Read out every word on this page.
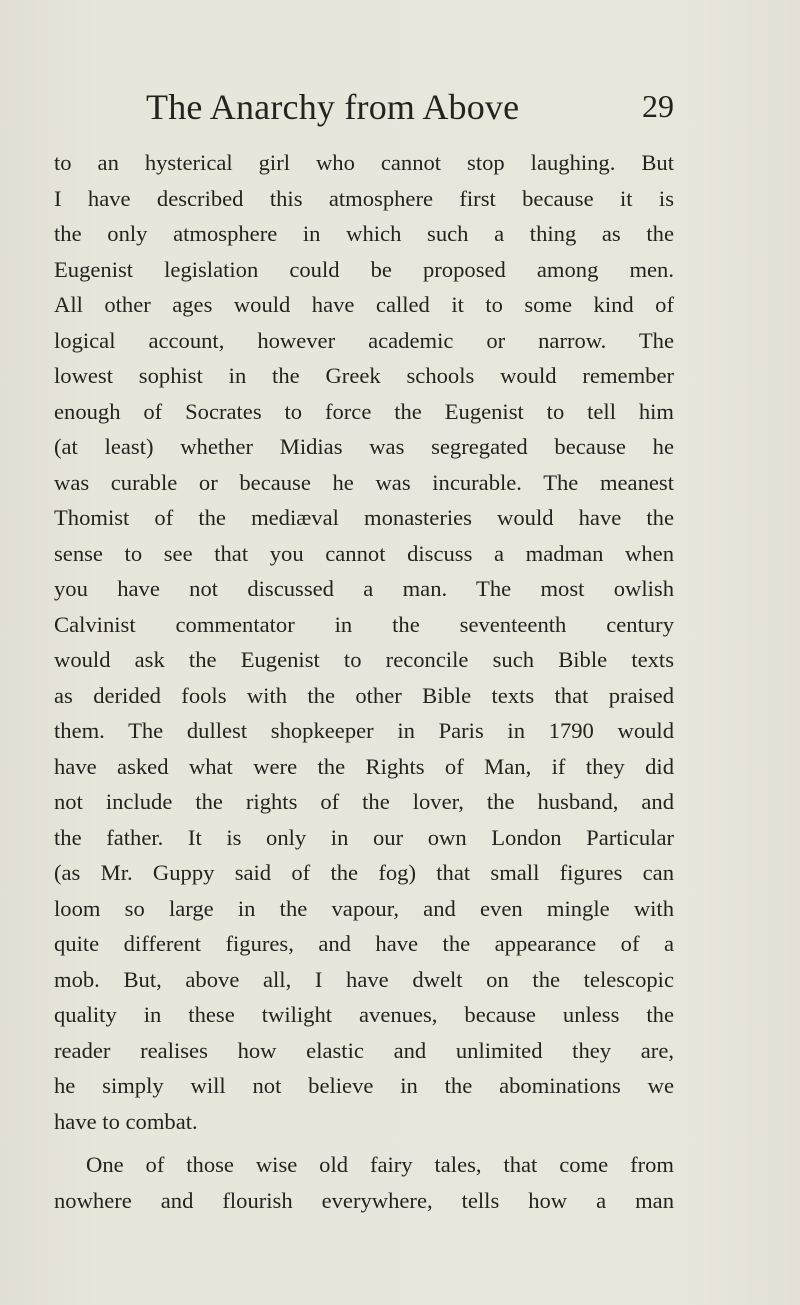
The Anarchy from Above	29
to an hysterical girl who cannot stop laughing. But
I have described this atmosphere first because it is
the only atmosphere in which such a thing as the
Eugenist legislation could be proposed among men.
All other ages would have called it to some kind of
logical account, however academic or narrow. The
lowest sophist in the Greek schools would remember
enough of Socrates to force the Eugenist to tell him
(at least) whether Midias was segregated because he
was curable or because he was incurable. The meanest
Thomist of the mediæval monasteries would have the
sense to see that you cannot discuss a madman when
you have not discussed a man. The most owlish
Calvinist commentator in the seventeenth century
would ask the Eugenist to reconcile such Bible texts
as derided fools with the other Bible texts that praised
them. The dullest shopkeeper in Paris in 1790 would
have asked what were the Rights of Man, if they did
not include the rights of the lover, the husband, and
the father. It is only in our own London Particular
(as Mr. Guppy said of the fog) that small figures can
loom so large in the vapour, and even mingle with
quite different figures, and have the appearance of a
mob. But, above all, I have dwelt on the telescopic
quality in these twilight avenues, because unless the
reader realises how elastic and unlimited they are,
he simply will not believe in the abominations we
have to combat.
One of those wise old fairy tales, that come from
nowhere and flourish everywhere, tells how a man
